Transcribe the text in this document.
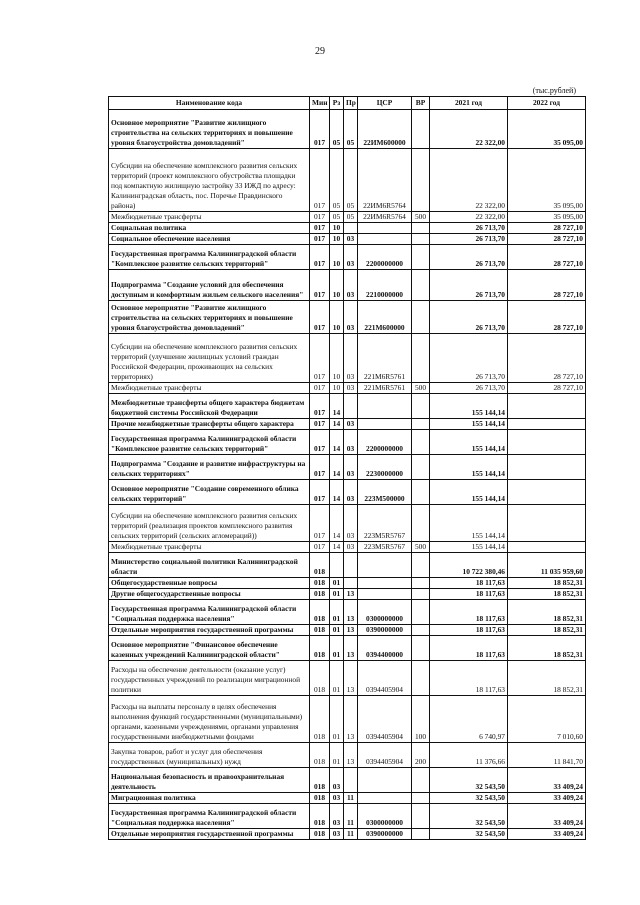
29
(тыс.рублей)
Наименование кода	Мин	Рз	Пр	ЦСР	ВР	2021 год	2022 год
Основное мероприятие "Развитие жилищного строительства на сельских территориях и повышение уровня благоустройства домовладений"	017	05	05	22ИМ600000		22 322,00	35 095,00
Субсидии на обеспечение комплексного развития сельских территорий (проект комплексного обустройства площадки под компактную жилищную застройку 33 ИЖД по адресу: Калининградская область, пос. Поречье Правдинского района)	017	05	05	22ИМ6R5764		22 322,00	35 095,00
Межбюджетные трансферты	017	05	05	22ИМ6R5764	500	22 322,00	35 095,00
Социальная политика	017	10				26 713,70	28 727,10
Социальное обеспечение населения	017	10	03			26 713,70	28 727,10
Государственная программа Калининградской области "Комплексное развитие сельских территорий"	017	10	03	2200000000		26 713,70	28 727,10
Подпрограмма "Создание условий для обеспечения доступным и комфортным жильем сельского населения"	017	10	03	2210000000		26 713,70	28 727,10
Основное мероприятие "Развитие жилищного строительства на сельских территориях и повышение уровня благоустройства домовладений"	017	10	03	221М600000		26 713,70	28 727,10
Субсидии на обеспечение комплексного развития сельских территорий (улучшение жилищных условий граждан Российской Федерации, проживающих на сельских территориях)	017	10	03	221М6R5761		26 713,70	28 727,10
Межбюджетные трансферты	017	10	03	221М6R5761	500	26 713,70	28 727,10
Межбюджетные трансферты общего характера бюджетам бюджетной системы Российской Федерации	017	14				155 144,14	
Прочие межбюджетные трансферты общего характера	017	14	03			155 144,14	
Государственная программа Калининградской области "Комплексное развитие сельских территорий"	017	14	03	2200000000		155 144,14	
Подпрограмма "Создание и развитие инфраструктуры на сельских территориях"	017	14	03	2230000000		155 144,14	
Основное мероприятие "Создание современного облика сельских территорий"	017	14	03	223М500000		155 144,14	
Субсидии на обеспечение комплексного развития сельских территорий (реализация проектов комплексного развития сельских территорий (сельских агломераций))	017	14	03	223М5R5767		155 144,14	
Межбюджетные трансферты	017	14	03	223М5R5767	500	155 144,14	
Министерство социальной политики Калининградской области	018					10 722 380,46	11 035 959,60
Общегосударственные вопросы	018	01				18 117,63	18 852,31
Другие общегосударственные вопросы	018	01	13			18 117,63	18 852,31
Государственная программа Калининградской области "Социальная поддержка населения"	018	01	13	0300000000		18 117,63	18 852,31
Отдельные мероприятия государственной программы	018	01	13	0390000000		18 117,63	18 852,31
Основное мероприятие "Финансовое обеспечение казенных учреждений Калининградской области"	018	01	13	0394400000		18 117,63	18 852,31
Расходы на обеспечение деятельности (оказание услуг) государственных учреждений по реализации миграционной политики	018	01	13	0394405904		18 117,63	18 852,31
Расходы на выплаты персоналу в целях обеспечения выполнения функций государственными (муниципальными) органами, казенными учреждениями, органами управления государственными внебюджетными фондами	018	01	13	0394405904	100	6 740,97	7 010,60
Закупка товаров, работ и услуг для обеспечения государственных (муниципальных) нужд	018	01	13	0394405904	200	11 376,66	11 841,70
Национальная безопасность и правоохранительная деятельность	018	03				32 543,50	33 409,24
Миграционная политика	018	03	11			32 543,50	33 409,24
Государственная программа Калининградской области "Социальная поддержка населения"	018	03	11	0300000000		32 543,50	33 409,24
Отдельные мероприятия государственной программы	018	03	11	0390000000		32 543,50	33 409,24
